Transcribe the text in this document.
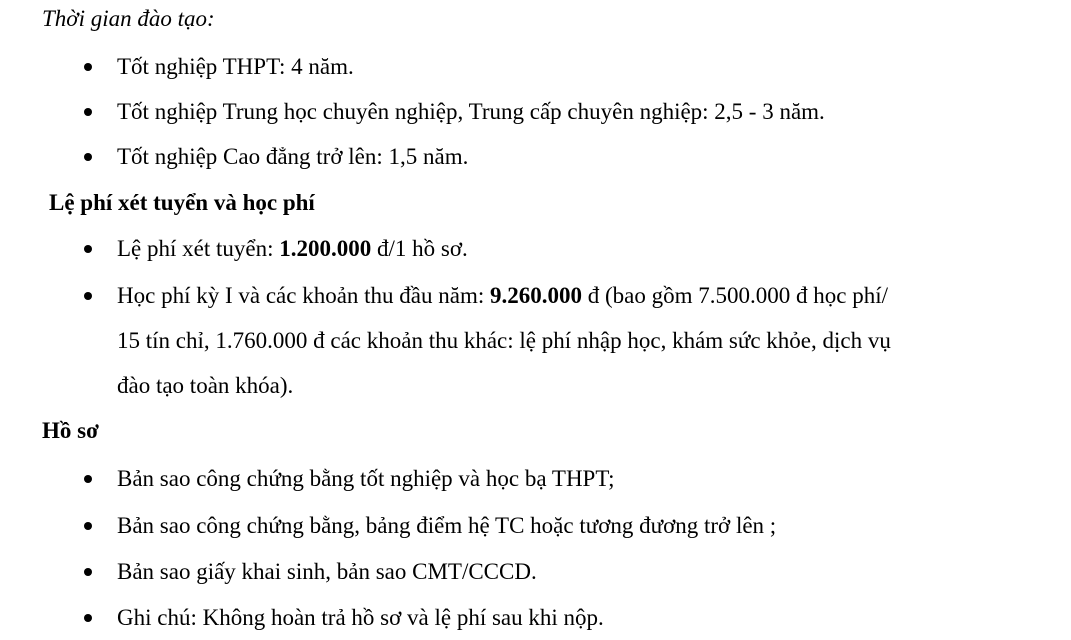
Thời gian đào tạo:
Tốt nghiệp THPT: 4 năm.
Tốt nghiệp Trung học chuyên nghiệp, Trung cấp chuyên nghiệp: 2,5 - 3 năm.
Tốt nghiệp Cao đẳng trở lên: 1,5 năm.
Lệ phí xét tuyển và học phí
Lệ phí xét tuyển: 1.200.000 đ/1 hồ sơ.
Học phí kỳ I và các khoản thu đầu năm: 9.260.000 đ (bao gồm 7.500.000 đ học phí/
15 tín chỉ, 1.760.000 đ các khoản thu khác: lệ phí nhập học, khám sức khỏe, dịch vụ
đào tạo toàn khóa).
Hồ sơ
Bản sao công chứng bằng tốt nghiệp và học bạ THPT;
Bản sao công chứng bằng, bảng điểm hệ TC hoặc tương đương trở lên ;
Bản sao giấy khai sinh, bản sao CMT/CCCD.
Ghi chú: Không hoàn trả hồ sơ và lệ phí sau khi nộp.
